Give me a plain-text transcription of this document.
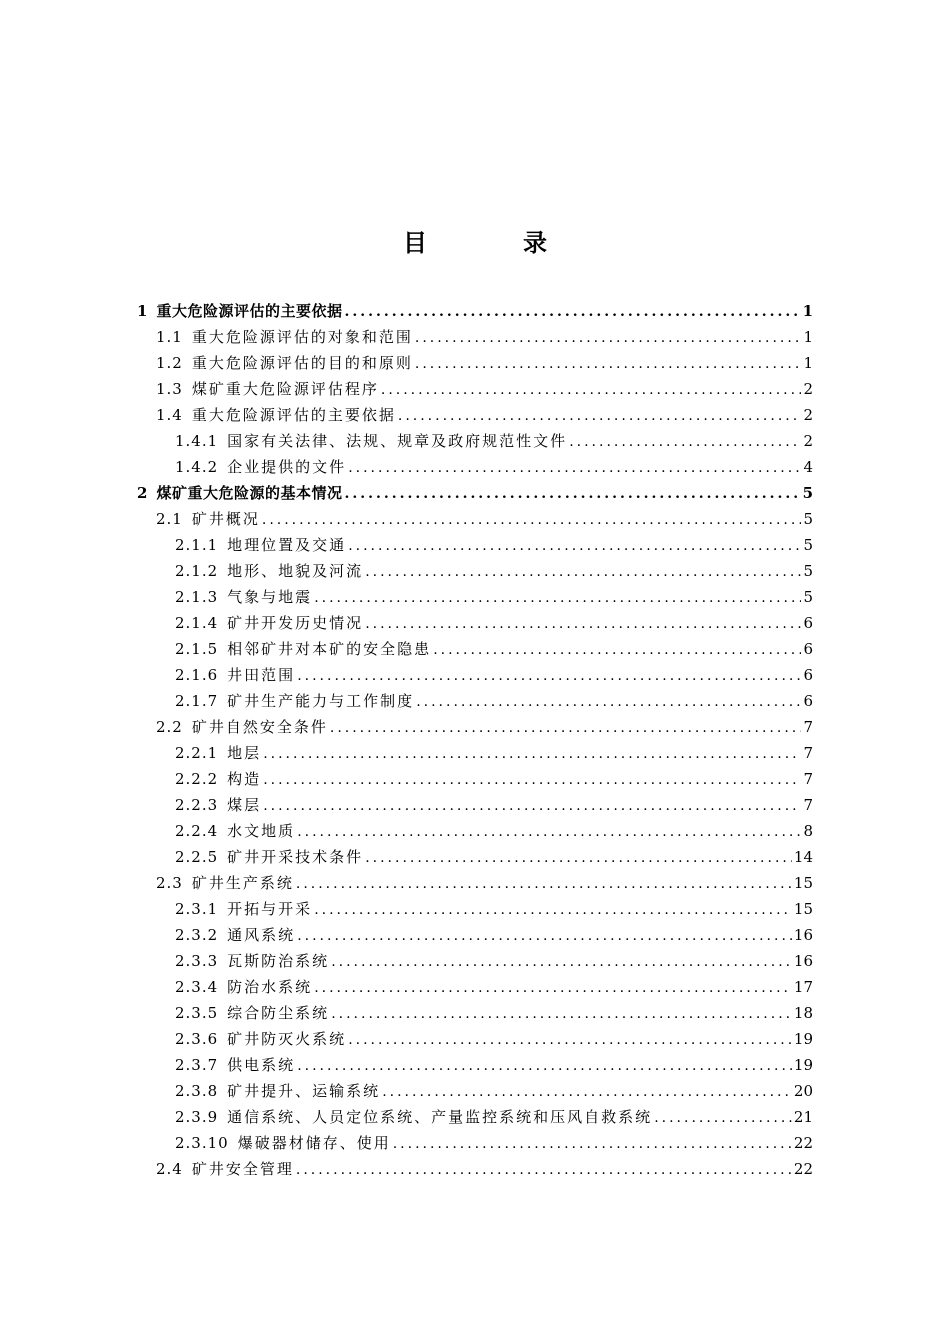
目　录
1 重大危险源评估的主要依据 .....	1
1.1 重大危险源评估的对象和范围 .....	1
1.2 重大危险源评估的目的和原则 .....	1
1.3 煤矿重大危险源评估程序 .....	2
1.4 重大危险源评估的主要依据 .....	2
1.4.1 国家有关法律、法规、规章及政府规范性文件 .....	2
1.4.2 企业提供的文件 .....	4
2 煤矿重大危险源的基本情况 .....	5
2.1 矿井概况 .....	5
2.1.1 地理位置及交通 .....	5
2.1.2 地形、地貌及河流 .....	5
2.1.3 气象与地震 .....	5
2.1.4 矿井开发历史情况 .....	6
2.1.5 相邻矿井对本矿的安全隐患 .....	6
2.1.6 井田范围 .....	6
2.1.7 矿井生产能力与工作制度 .....	6
2.2 矿井自然安全条件 .....	7
2.2.1 地层 .....	7
2.2.2 构造 .....	7
2.2.3 煤层 .....	7
2.2.4 水文地质 .....	8
2.2.5 矿井开采技术条件 .....	14
2.3 矿井生产系统 .....	15
2.3.1 开拓与开采 .....	15
2.3.2 通风系统 .....	16
2.3.3 瓦斯防治系统 .....	16
2.3.4 防治水系统 .....	17
2.3.5 综合防尘系统 .....	18
2.3.6 矿井防灭火系统 .....	19
2.3.7 供电系统 .....	19
2.3.8 矿井提升、运输系统 .....	20
2.3.9 通信系统、人员定位系统、产量监控系统和压风自救系统 .....	21
2.3.10 爆破器材储存、使用 .....	22
2.4 矿井安全管理 .....	22
